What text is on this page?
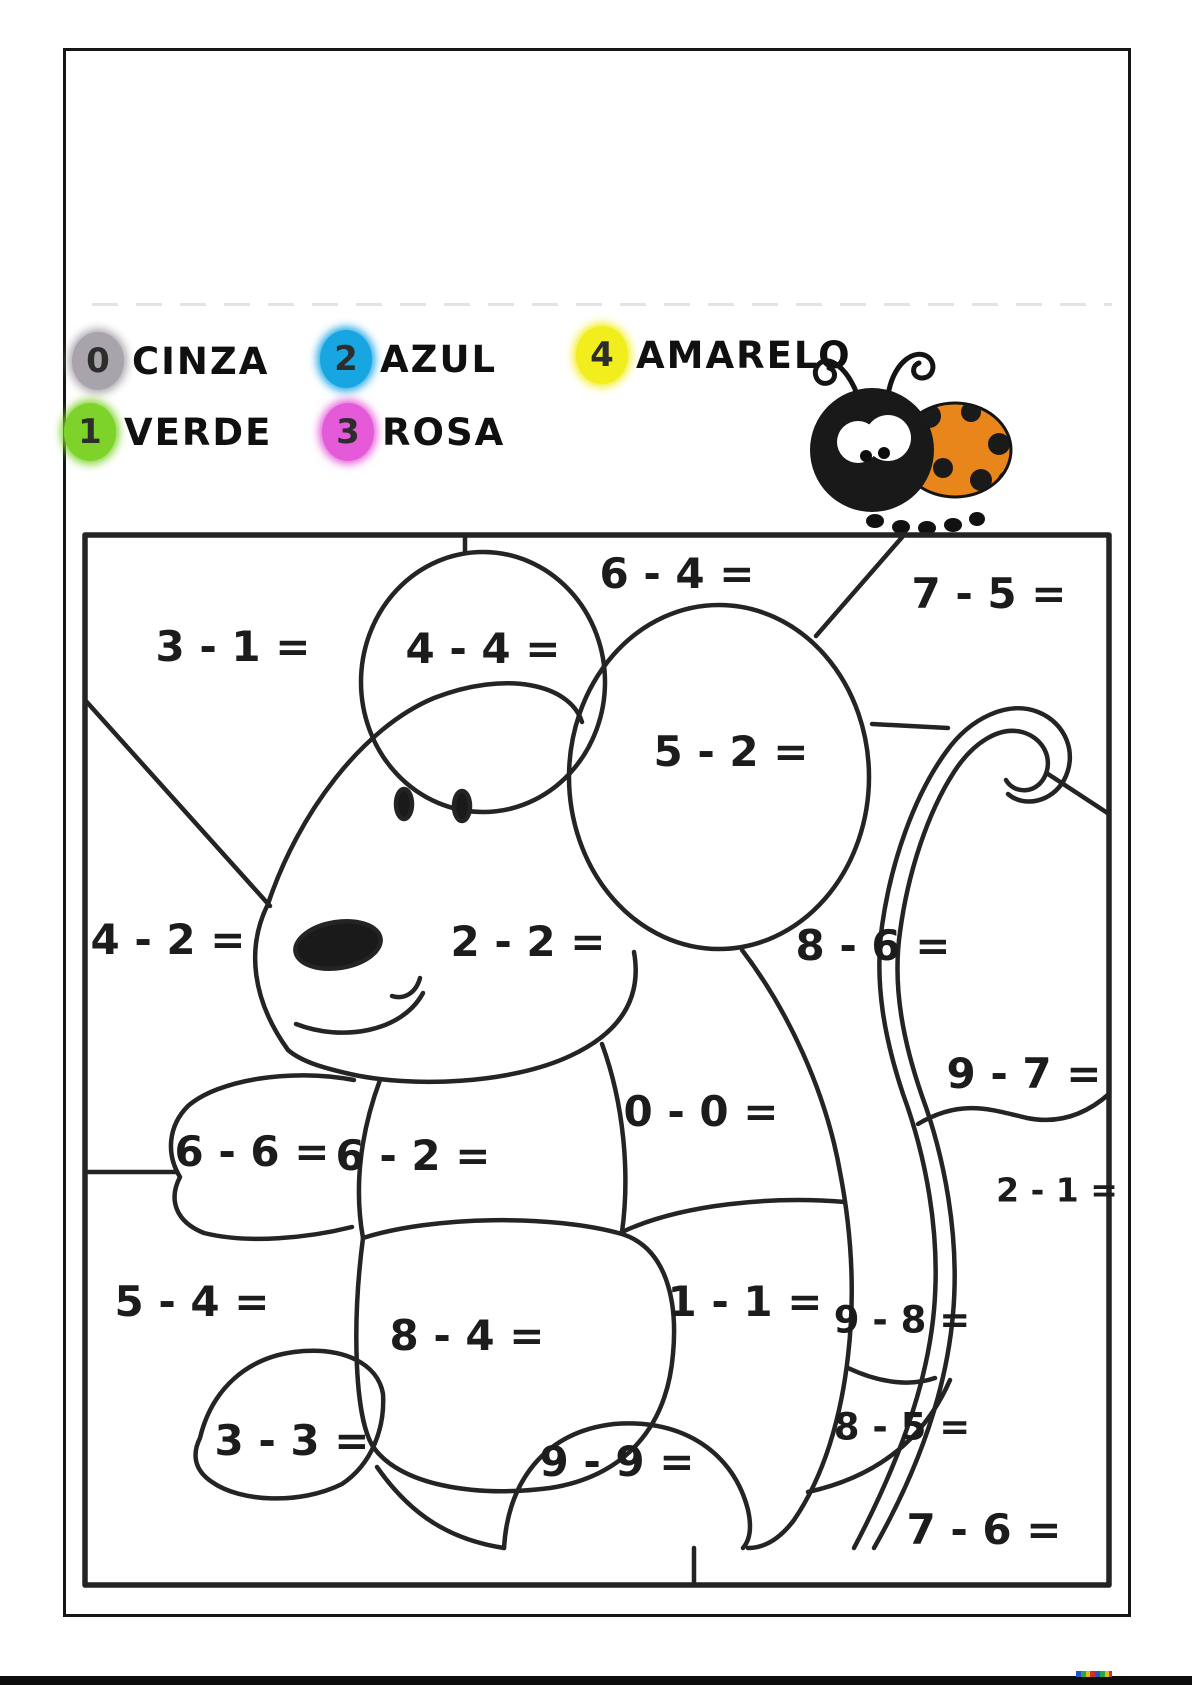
0 CINZA 2 AZUL	4 AMARELO
1 VERDE 3 ROSA
6 - 4 =	7 - 5 =
3 - 1 = 4 - 4 =
5 - 2 =
4 - 2 =	2 - 2 =	8 - 6 =
9 - 7 =
0 - 0 =
6 - 6 = 6 - 2 =
2 - 1 =
5 - 4 =	1 - 1 = 9 - 8 =
8 - 4 =
8 - 5 =
3 - 3 =	9 - 9 =
7 - 6 =
